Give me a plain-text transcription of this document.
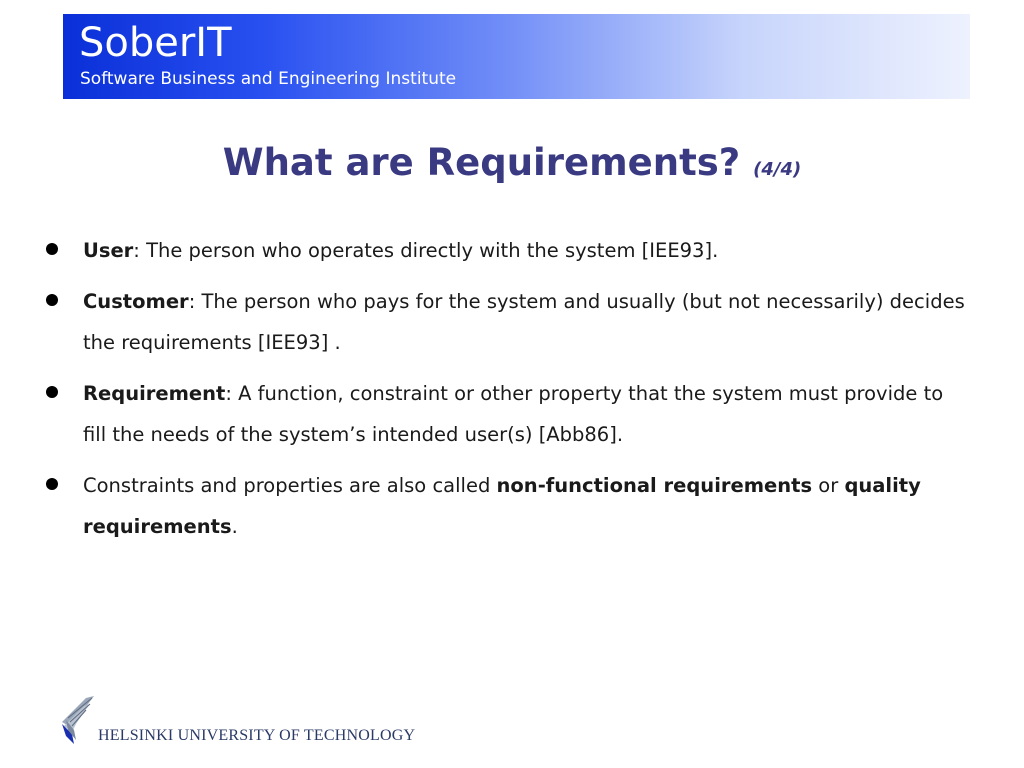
SoberIT
Software Business and Engineering Institute
What are Requirements? (4/4)
User: The person who operates directly with the system [IEE93].
Customer: The person who pays for the system and usually (but not necessarily) decides the requirements [IEE93] .
Requirement: A function, constraint or other property that the system must provide to fill the needs of the system’s intended user(s) [Abb86].
Constraints and properties are also called non-functional requirements or quality requirements.
HELSINKI UNIVERSITY OF TECHNOLOGY
